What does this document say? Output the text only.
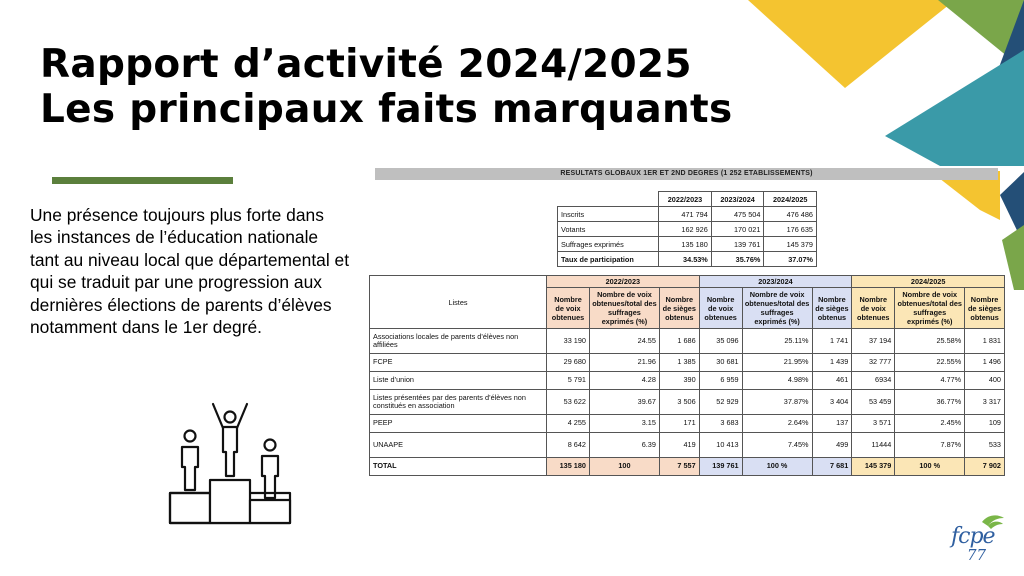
Rapport d’activité 2024/2025
Les principaux faits marquants
Une présence toujours plus forte dans les instances de l’éducation nationale tant au niveau local que départemental et qui se traduit par une progression aux dernières élections de parents d’élèves notamment dans le 1er degré.
RESULTATS GLOBAUX 1ER ET 2ND DEGRES (1 252 ETABLISSEMENTS)
	2022/2023	2023/2024	2024/2025
Inscrits	471 794	475 504	476 486
Votants	162 926	170 021	176 635
Suffrages exprimés	135 180	139 761	145 379
Taux de participation	34.53%	35.76%	37.07%
Listes	2022/2023			2023/2024			2024/2025		
	Nombre de voix obtenues	Nombre de voix obtenues/total des suffrages exprimés (%)	Nombre de sièges obtenus	Nombre de voix obtenues	Nombre de voix obtenues/total des suffrages exprimés (%)	Nombre de sièges obtenus	Nombre de voix obtenues	Nombre de voix obtenues/total des suffrages exprimés (%)	Nombre de sièges obtenus
Associations locales de parents d’élèves non affiliées	33 190	24.55	1 686	35 096	25.11%	1 741	37 194	25.58%	1 831
FCPE	29 680	21.96	1 385	30 681	21.95%	1 439	32 777	22.55%	1 496
Liste d’union	5 791	4.28	390	6 959	4.98%	461	6934	4.77%	400
Listes présentées par des parents d’élèves non constitués en association	53 622	39.67	3 506	52 929	37.87%	3 404	53 459	36.77%	3 317
PEEP	4 255	3.15	171	3 683	2.64%	137	3 571	2.45%	109
UNAAPE	8 642	6.39	419	10 413	7.45%	499	11444	7.87%	533
TOTAL	135 180	100	7 557	139 761	100 %	7 681	145 379	100 %	7 902
fcpe
77
